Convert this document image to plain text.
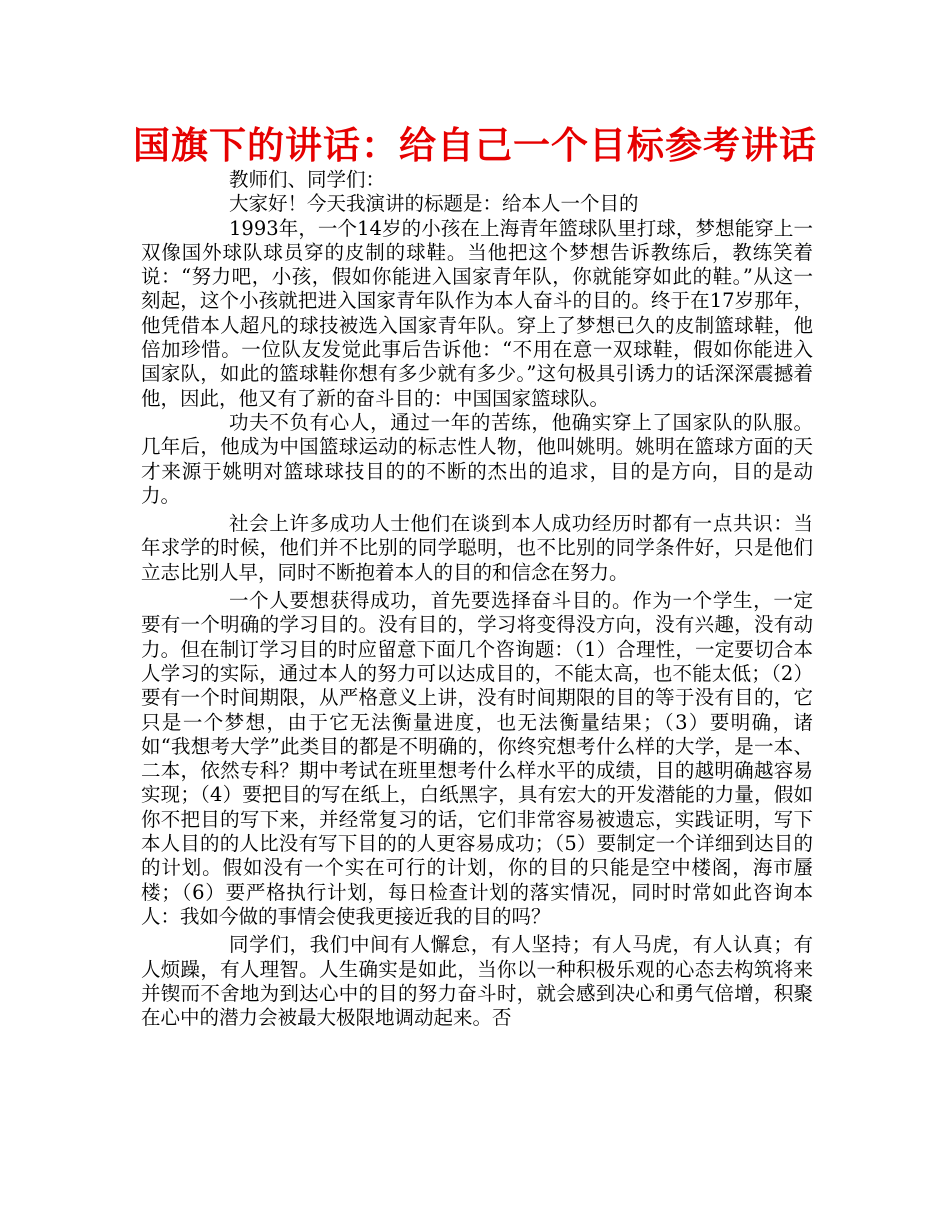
国旗下的讲话：给自己一个目标参考讲话

教师们、同学们：

大家好！今天我演讲的标题是：给本人一个目的

1993年，一个14岁的小孩在上海青年篮球队里打球，梦想能穿上一双像国外球队球员穿的皮制的球鞋。当他把这个梦想告诉教练后，教练笑着说：“努力吧，小孩，假如你能进入国家青年队，你就能穿如此的鞋。”从这一刻起，这个小孩就把进入国家青年队作为本人奋斗的目的。终于在17岁那年，他凭借本人超凡的球技被选入国家青年队。穿上了梦想已久的皮制篮球鞋，他倍加珍惜。一位队友发觉此事后告诉他：“不用在意一双球鞋，假如你能进入国家队，如此的篮球鞋你想有多少就有多少。”这句极具引诱力的话深深震撼着他，因此，他又有了新的奋斗目的：中国国家篮球队。

功夫不负有心人，通过一年的苦练，他确实穿上了国家队的队服。几年后，他成为中国篮球运动的标志性人物，他叫姚明。姚明在篮球方面的天才来源于姚明对篮球球技目的的不断的杰出的追求，目的是方向，目的是动力。

社会上许多成功人士他们在谈到本人成功经历时都有一点共识：当年求学的时候，他们并不比别的同学聪明，也不比别的同学条件好，只是他们立志比别人早，同时不断抱着本人的目的和信念在努力。

一个人要想获得成功，首先要选择奋斗目的。作为一个学生，一定要有一个明确的学习目的。没有目的，学习将变得没方向，没有兴趣，没有动力。但在制订学习目的时应留意下面几个咨询题：（1）合理性，一定要切合本人学习的实际，通过本人的努力可以达成目的，不能太高，也不能太低；（2）要有一个时间期限，从严格意义上讲，没有时间期限的目的等于没有目的，它只是一个梦想，由于它无法衡量进度，也无法衡量结果；（3）要明确，诸如“我想考大学”此类目的都是不明确的，你终究想考什么样的大学，是一本、二本，依然专科？期中考试在班里想考什么样水平的成绩，目的越明确越容易实现；（4）要把目的写在纸上，白纸黑字，具有宏大的开发潜能的力量，假如你不把目的写下来，并经常复习的话，它们非常容易被遗忘，实践证明，写下本人目的的人比没有写下目的的人更容易成功；（5）要制定一个详细到达目的的计划。假如没有一个实在可行的计划，你的目的只能是空中楼阁，海市蜃楼；（6）要严格执行计划，每日检查计划的落实情况，同时时常如此咨询本人：我如今做的事情会使我更接近我的目的吗？

同学们，我们中间有人懈怠，有人坚持；有人马虎，有人认真；有人烦躁，有人理智。人生确实是如此，当你以一种积极乐观的心态去构筑将来并锲而不舍地为到达心中的目的努力奋斗时，就会感到决心和勇气倍增，积聚在心中的潜力会被最大极限地调动起来。否
